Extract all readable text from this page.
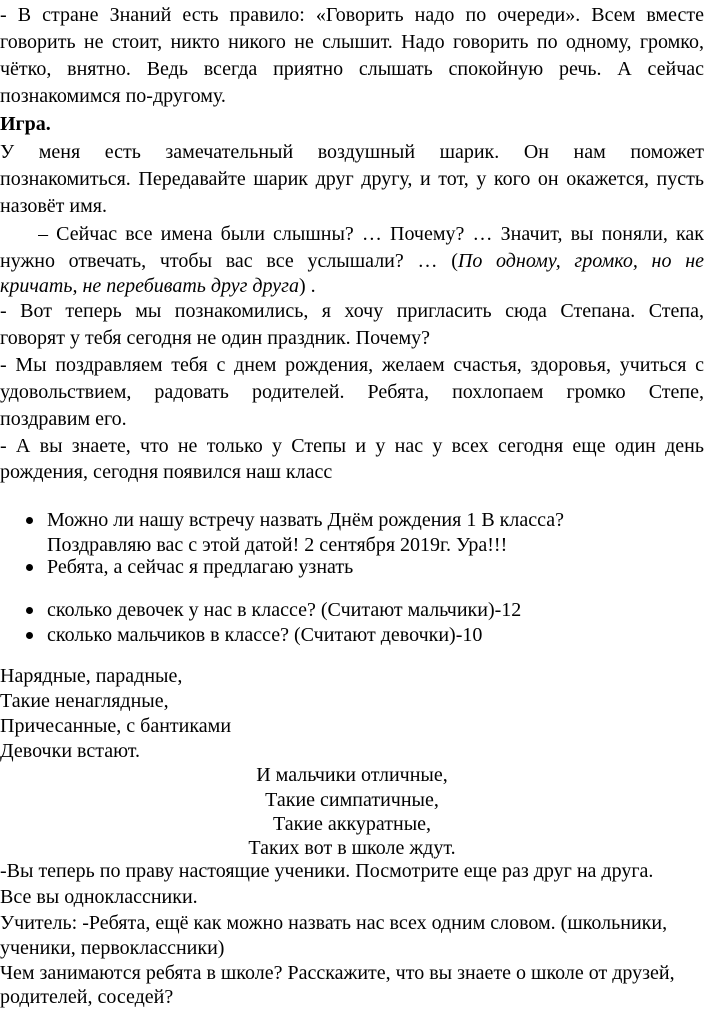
- В стране Знаний есть правило: «Говорить надо по очереди». Всем вместе
говорить не стоит, никто никого не слышит. Надо говорить по одному, громко,
чётко, внятно. Ведь всегда приятно слышать спокойную речь. А сейчас
познакомимся по-другому.
Игра.
У меня есть замечательный воздушный шарик. Он нам поможет
познакомиться. Передавайте шарик друг другу, и тот, у кого он окажется, пусть
назовёт имя.
– Сейчас все имена были слышны? … Почему? … Значит, вы поняли, как
нужно отвечать, чтобы вас все услышали? … (По одному, громко, но не
кричать, не перебивать друг друга) .
- Вот теперь мы познакомились, я хочу пригласить сюда Степана. Степа,
говорят у тебя сегодня не один праздник. Почему?
- Мы поздравляем тебя с днем рождения, желаем счастья, здоровья, учиться с
удовольствием, радовать родителей. Ребята, похлопаем громко Степе,
поздравим его.
- А вы знаете, что не только у Степы и у нас у всех сегодня еще один день
рождения, сегодня появился наш класс
Можно ли нашу встречу назвать Днём рождения 1 В класса?
Поздравляю вас с этой датой! 2 сентября 2019г. Ура!!!
Ребята, а сейчас я предлагаю узнать
сколько девочек у нас в классе? (Считают мальчики)-12
сколько мальчиков в классе? (Считают девочки)-10
Нарядные, парадные,
Такие ненаглядные,
Причесанные, с бантиками
Девочки встают.
И мальчики отличные,
Такие симпатичные,
Такие аккуратные,
Таких вот в школе ждут.
-Вы теперь по праву настоящие ученики. Посмотрите еще раз друг на друга.
Все вы одноклассники.
Учитель: -Ребята, ещё как можно назвать нас всех одним словом. (школьники,
ученики, первоклассники)
Чем занимаются ребята в школе? Расскажите, что вы знаете о школе от друзей,
родителей, соседей?
